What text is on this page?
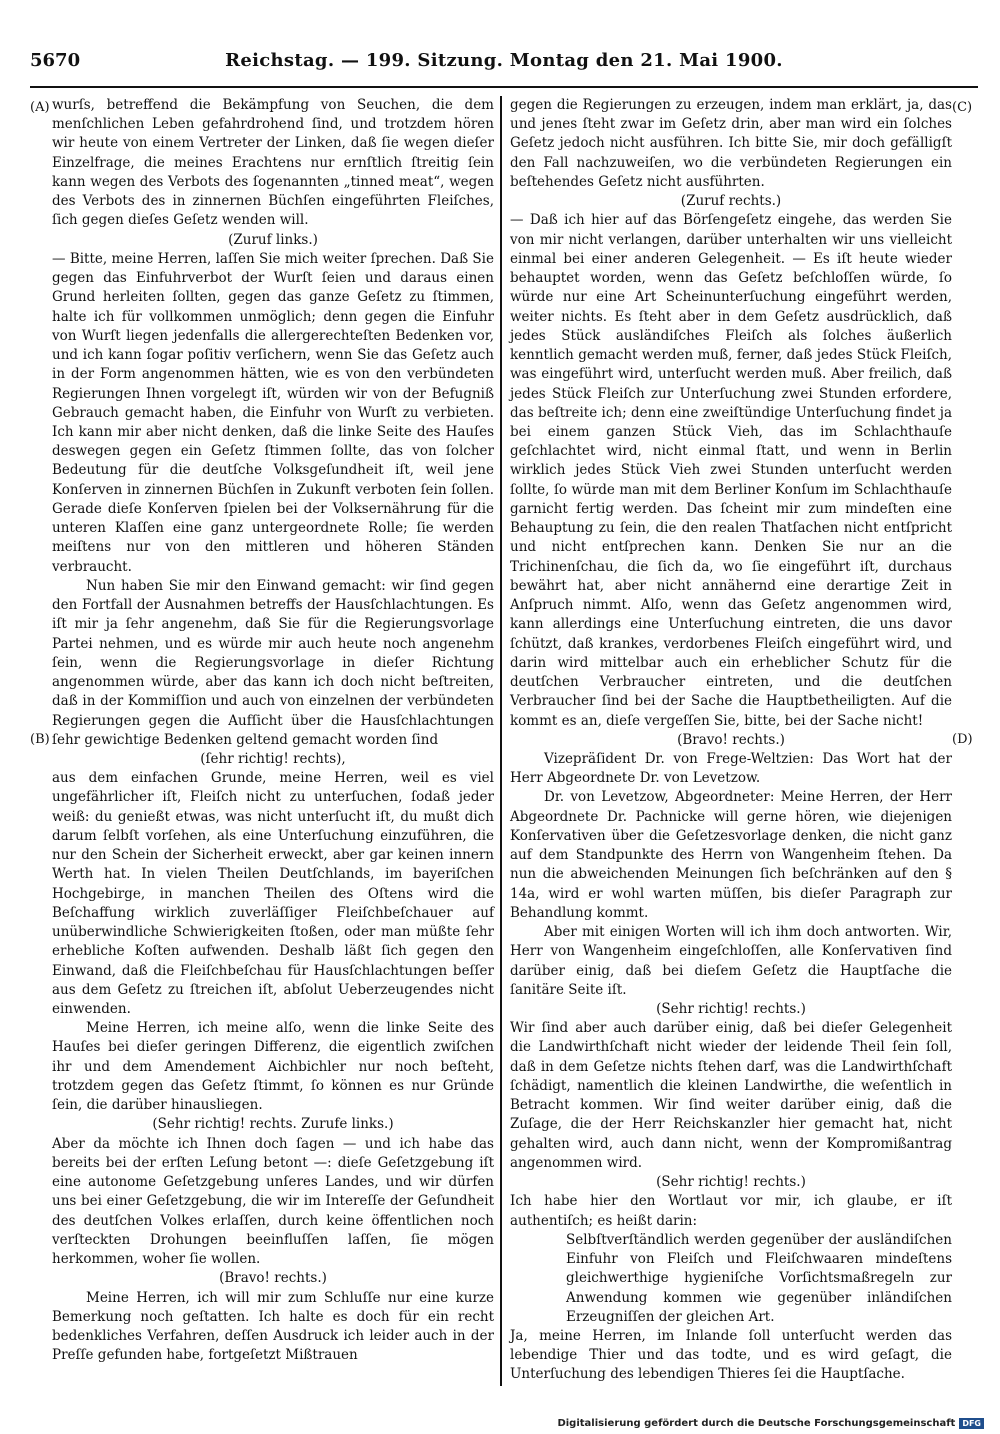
5670	Reichstag. — 199. Sitzung. Montag den 21. Mai 1900.
(A)
(B)
(C)
(D)

wurſs, betreffend die Bekämpfung von Seuchen, die dem menſchlichen Leben gefahrdrohend ſind, und trotzdem hören wir heute von einem Vertreter der Linken, daß ſie wegen dieſer Einzelfrage, die meines Erachtens nur ernſtlich ſtreitig ſein kann wegen des Verbots des ſogenannten „tinned meat“, wegen des Verbots des in zinnernen Büchſen eingeführten Fleiſches, ſich gegen dieſes Geſetz wenden will.

(Zuruf links.)

— Bitte, meine Herren, laſſen Sie mich weiter ſprechen. Daß Sie gegen das Einfuhrverbot der Wurſt ſeien und daraus einen Grund herleiten ſollten, gegen das ganze Geſetz zu ſtimmen, halte ich für vollkommen unmöglich; denn gegen die Einfuhr von Wurſt liegen jedenfalls die allergerechteſten Bedenken vor, und ich kann ſogar poſitiv verſichern, wenn Sie das Geſetz auch in der Form angenommen hätten, wie es von den verbündeten Regierungen Ihnen vorgelegt iſt, würden wir von der Befugniß Gebrauch gemacht haben, die Einfuhr von Wurſt zu verbieten. Ich kann mir aber nicht denken, daß die linke Seite des Hauſes deswegen gegen ein Geſetz ſtimmen ſollte, das von ſolcher Bedeutung für die deutſche Volksgeſundheit iſt, weil jene Konſerven in zinnernen Büchſen in Zukunft verboten ſein ſollen. Gerade dieſe Konſerven ſpielen bei der Volksernährung für die unteren Klaſſen eine ganz untergeordnete Rolle; ſie werden meiſtens nur von den mittleren und höheren Ständen verbraucht.

Nun haben Sie mir den Einwand gemacht: wir ſind gegen den Fortfall der Ausnahmen betreffs der Hausſchlachtungen. Es iſt mir ja ſehr angenehm, daß Sie für die Regierungsvorlage Partei nehmen, und es würde mir auch heute noch angenehm ſein, wenn die Regierungsvorlage in dieſer Richtung angenommen würde, aber das kann ich doch nicht beſtreiten, daß in der Kommiſſion und auch von einzelnen der verbündeten Regierungen gegen die Aufſicht über die Hausſchlachtungen ſehr gewichtige Bedenken geltend gemacht worden ſind

(ſehr richtig! rechts),

aus dem einfachen Grunde, meine Herren, weil es viel ungefährlicher iſt, Fleiſch nicht zu unterſuchen, ſodaß jeder weiß: du genießt etwas, was nicht unterſucht iſt, du mußt dich darum ſelbſt vorſehen, als eine Unterſuchung einzuführen, die nur den Schein der Sicherheit erweckt, aber gar keinen innern Werth hat. In vielen Theilen Deutſchlands, im bayeriſchen Hochgebirge, in manchen Theilen des Oſtens wird die Beſchaffung wirklich zuverläſſiger Fleiſchbeſchauer auf unüberwindliche Schwierigkeiten ſtoßen, oder man müßte ſehr erhebliche Koſten aufwenden. Deshalb läßt ſich gegen den Einwand, daß die Fleiſchbeſchau für Hausſchlachtungen beſſer aus dem Geſetz zu ſtreichen iſt, abſolut Ueberzeugendes nicht einwenden.

Meine Herren, ich meine alſo, wenn die linke Seite des Hauſes bei dieſer geringen Differenz, die eigentlich zwiſchen ihr und dem Amendement Aichbichler nur noch beſteht, trotzdem gegen das Geſetz ſtimmt, ſo können es nur Gründe ſein, die darüber hinausliegen.

(Sehr richtig! rechts. Zurufe links.)

Aber da möchte ich Ihnen doch ſagen — und ich habe das bereits bei der erſten Leſung betont —: dieſe Geſetzgebung iſt eine autonome Geſetzgebung unſeres Landes, und wir dürfen uns bei einer Geſetzgebung, die wir im Intereſſe der Geſundheit des deutſchen Volkes erlaſſen, durch keine öffentlichen noch verſteckten Drohungen beeinfluſſen laſſen, ſie mögen herkommen, woher ſie wollen.

(Bravo! rechts.)

Meine Herren, ich will mir zum Schluſſe nur eine kurze Bemerkung noch geſtatten. Ich halte es doch für ein recht bedenkliches Verfahren, deſſen Ausdruck ich leider auch in der Preſſe gefunden habe, fortgeſetzt Mißtrauen

gegen die Regierungen zu erzeugen, indem man erklärt, ja, das und jenes ſteht zwar im Geſetz drin, aber man wird ein ſolches Geſetz jedoch nicht ausführen. Ich bitte Sie, mir doch gefälligſt den Fall nachzuweiſen, wo die verbündeten Regierungen ein beſtehendes Geſetz nicht ausführten.

(Zuruf rechts.)

— Daß ich hier auf das Börſengeſetz eingehe, das werden Sie von mir nicht verlangen, darüber unterhalten wir uns vielleicht einmal bei einer anderen Gelegenheit. — Es iſt heute wieder behauptet worden, wenn das Geſetz beſchloſſen würde, ſo würde nur eine Art Scheinunterſuchung eingeführt werden, weiter nichts. Es ſteht aber in dem Geſetz ausdrücklich, daß jedes Stück ausländiſches Fleiſch als ſolches äußerlich kenntlich gemacht werden muß, ferner, daß jedes Stück Fleiſch, was eingeführt wird, unterſucht werden muß. Aber freilich, daß jedes Stück Fleiſch zur Unterſuchung zwei Stunden erfordere, das beſtreite ich; denn eine zweiſtündige Unterſuchung findet ja bei einem ganzen Stück Vieh, das im Schlachthauſe geſchlachtet wird, nicht einmal ſtatt, und wenn in Berlin wirklich jedes Stück Vieh zwei Stunden unterſucht werden ſollte, ſo würde man mit dem Berliner Konſum im Schlachthauſe garnicht fertig werden. Das ſcheint mir zum mindeſten eine Behauptung zu ſein, die den realen Thatſachen nicht entſpricht und nicht entſprechen kann. Denken Sie nur an die Trichinenſchau, die ſich da, wo ſie eingeführt iſt, durchaus bewährt hat, aber nicht annähernd eine derartige Zeit in Anſpruch nimmt. Alſo, wenn das Geſetz angenommen wird, kann allerdings eine Unterſuchung eintreten, die uns davor ſchützt, daß krankes, verdorbenes Fleiſch eingeführt wird, und darin wird mittelbar auch ein erheblicher Schutz für die deutſchen Verbraucher eintreten, und die deutſchen Verbraucher ſind bei der Sache die Hauptbetheiligten. Auf die kommt es an, dieſe vergeſſen Sie, bitte, bei der Sache nicht!

(Bravo! rechts.)

Vizepräſident Dr. von Frege-Weltzien: Das Wort hat der Herr Abgeordnete Dr. von Levetzow.

Dr. von Levetzow, Abgeordneter: Meine Herren, der Herr Abgeordnete Dr. Pachnicke will gerne hören, wie diejenigen Konſervativen über die Geſetzesvorlage denken, die nicht ganz auf dem Standpunkte des Herrn von Wangenheim ſtehen. Da nun die abweichenden Meinungen ſich beſchränken auf den § 14a, wird er wohl warten müſſen, bis dieſer Paragraph zur Behandlung kommt.

Aber mit einigen Worten will ich ihm doch antworten. Wir, Herr von Wangenheim eingeſchloſſen, alle Konſervativen ſind darüber einig, daß bei dieſem Geſetz die Hauptſache die ſanitäre Seite iſt.

(Sehr richtig! rechts.)

Wir ſind aber auch darüber einig, daß bei dieſer Gelegenheit die Landwirthſchaft nicht wieder der leidende Theil ſein ſoll, daß in dem Geſetze nichts ſtehen darf, was die Landwirthſchaft ſchädigt, namentlich die kleinen Landwirthe, die weſentlich in Betracht kommen. Wir ſind weiter darüber einig, daß die Zuſage, die der Herr Reichskanzler hier gemacht hat, nicht gehalten wird, auch dann nicht, wenn der Kompromißantrag angenommen wird.

(Sehr richtig! rechts.)

Ich habe hier den Wortlaut vor mir, ich glaube, er iſt authentiſch; es heißt darin:

Selbſtverſtändlich werden gegenüber der ausländiſchen Einfuhr von Fleiſch und Fleiſchwaaren mindeſtens gleichwerthige hygieniſche Vorſichtsmaßregeln zur Anwendung kommen wie gegenüber inländiſchen Erzeugniſſen der gleichen Art.

Ja, meine Herren, im Inlande ſoll unterſucht werden das lebendige Thier und das todte, und es wird geſagt, die Unterſuchung des lebendigen Thieres ſei die Hauptſache.

Digitalisierung gefördert durch die Deutsche Forschungsgemeinschaft DFG
